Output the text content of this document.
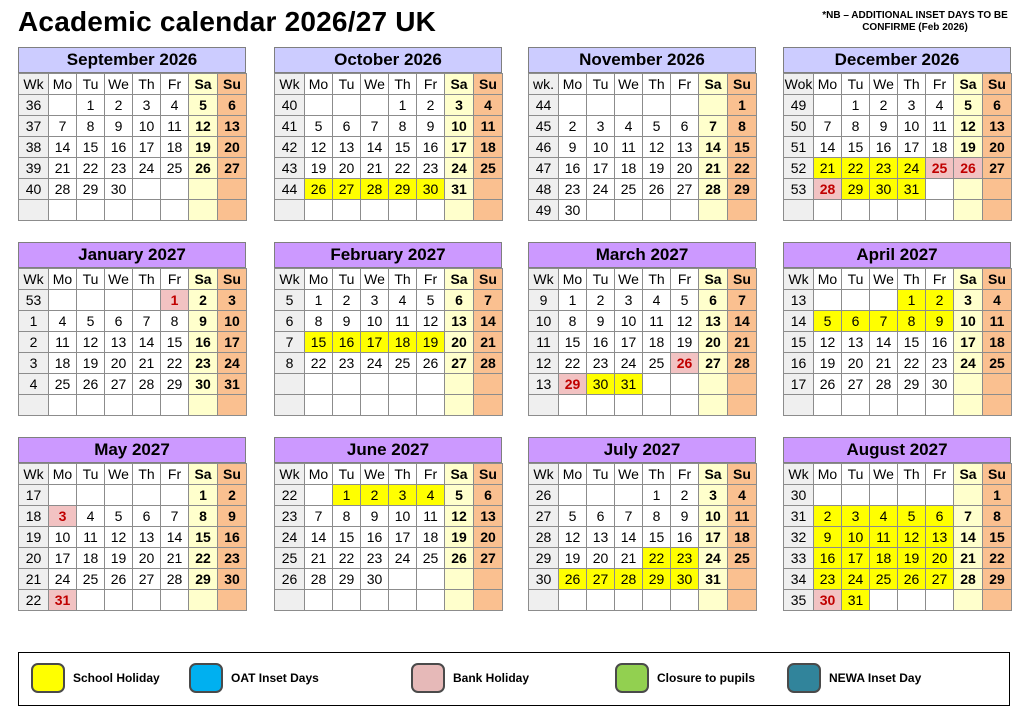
Academic calendar 2026/27 UK	*NB – ADDITIONAL INSET DAYS TO BE CONFIRME (Feb 2026)
September 2026
Wk	Mo	Tu	We	Th	Fr	Sa	Su
36		1	2	3	4	5	6
37	7	8	9	10	11	12	13
38	14	15	16	17	18	19	20
39	21	22	23	24	25	26	27
40	28	29	30				

October 2026
Wk	Mo	Tu	We	Th	Fr	Sa	Su
40				1	2	3	4
41	5	6	7	8	9	10	11
42	12	13	14	15	16	17	18
43	19	20	21	22	23	24	25
44	26	27	28	29	30	31	

November 2026
wk.	Mo	Tu	We	Th	Fr	Sa	Su
44							1
45	2	3	4	5	6	7	8
46	9	10	11	12	13	14	15
47	16	17	18	19	20	21	22
48	23	24	25	26	27	28	29
49	30						
December 2026
Wok	Mo	Tu	We	Th	Fr	Sa	Su
49		1	2	3	4	5	6
50	7	8	9	10	11	12	13
51	14	15	16	17	18	19	20
52	21	22	23	24	25	26	27
53	28	29	30	31			

January 2027
Wk	Mo	Tu	We	Th	Fr	Sa	Su
53					1	2	3
1	4	5	6	7	8	9	10
2	11	12	13	14	15	16	17
3	18	19	20	21	22	23	24
4	25	26	27	28	29	30	31

February 2027
Wk	Mo	Tu	We	Th	Fr	Sa	Su
5	1	2	3	4	5	6	7
6	8	9	10	11	12	13	14
7	15	16	17	18	19	20	21
8	22	23	24	25	26	27	28

March 2027
Wk	Mo	Tu	We	Th	Fr	Sa	Su
9	1	2	3	4	5	6	7
10	8	9	10	11	12	13	14
11	15	16	17	18	19	20	21
12	22	23	24	25	26	27	28
13	29	30	31				

April 2027
Wk	Mo	Tu	We	Th	Fr	Sa	Su
13				1	2	3	4
14	5	6	7	8	9	10	11
15	12	13	14	15	16	17	18
16	19	20	21	22	23	24	25
17	26	27	28	29	30		

May 2027
Wk	Mo	Tu	We	Th	Fr	Sa	Su
17						1	2
18	3	4	5	6	7	8	9
19	10	11	12	13	14	15	16
20	17	18	19	20	21	22	23
21	24	25	26	27	28	29	30
22	31						
June 2027
Wk	Mo	Tu	We	Th	Fr	Sa	Su
22		1	2	3	4	5	6
23	7	8	9	10	11	12	13
24	14	15	16	17	18	19	20
25	21	22	23	24	25	26	27
26	28	29	30				

July 2027
Wk	Mo	Tu	We	Th	Fr	Sa	Su
26				1	2	3	4
27	5	6	7	8	9	10	11
28	12	13	14	15	16	17	18
29	19	20	21	22	23	24	25
30	26	27	28	29	30	31	

August 2027
Wk	Mo	Tu	We	Th	Fr	Sa	Su
30							1
31	2	3	4	5	6	7	8
32	9	10	11	12	13	14	15
33	16	17	18	19	20	21	22
34	23	24	25	26	27	28	29
35	30	31					
School Holiday	OAT Inset Days	Bank Holiday	Closure to pupils	NEWA Inset Day
